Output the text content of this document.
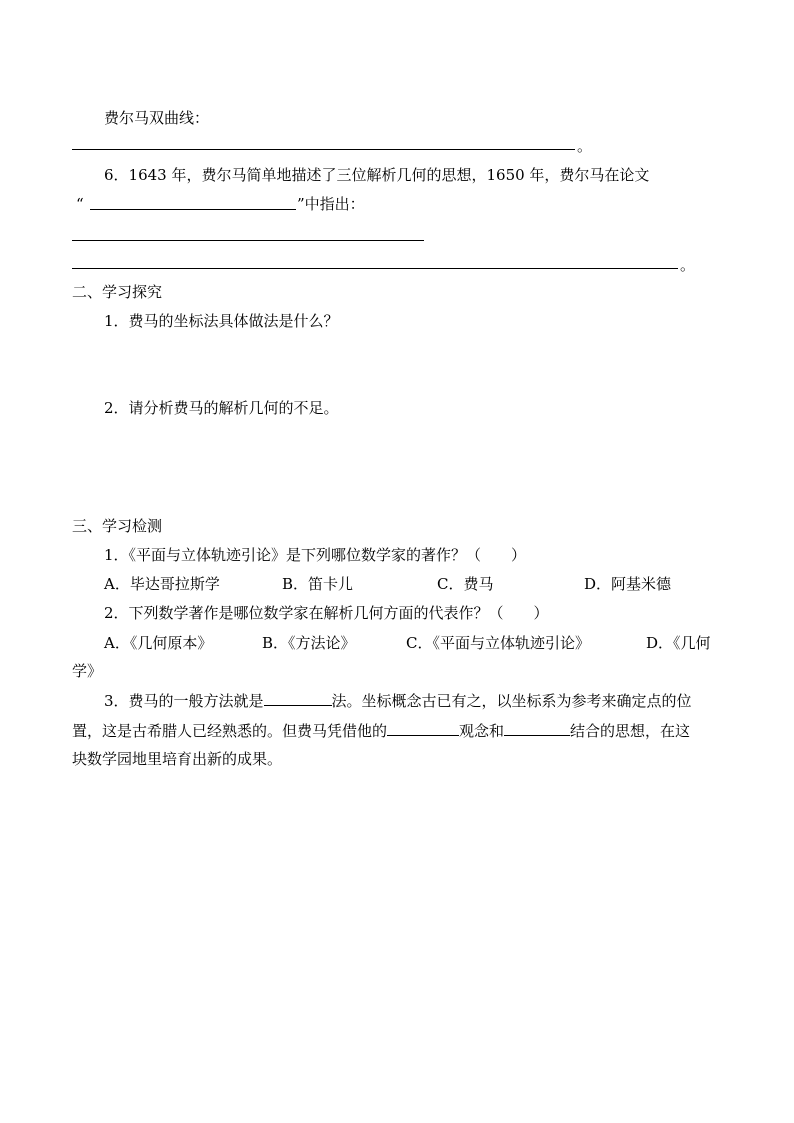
费尔马双曲线：
。
6．1643 年，费尔马简单地描述了三位解析几何的思想，1650 年，费尔马在论文
“	”中指出：
。
二、学习探究
1．费马的坐标法具体做法是什么？
2．请分析费马的解析几何的不足。
三、学习检测
1．《平面与立体轨迹引论》是下列哪位数学家的著作？（　　）
A．毕达哥拉斯学	B．笛卡儿	C．费马	D．阿基米德
2．下列数学著作是哪位数学家在解析几何方面的代表作？（　　）
A．《几何原本》	B．《方法论》	C．《平面与立体轨迹引论》	D．《几何
学》
3．费马的一般方法就是	法。坐标概念古已有之，以坐标系为参考来确定点的位
置，这是古希腊人已经熟悉的。但费马凭借他的	观念和	结合的思想，在这
块数学园地里培育出新的成果。
